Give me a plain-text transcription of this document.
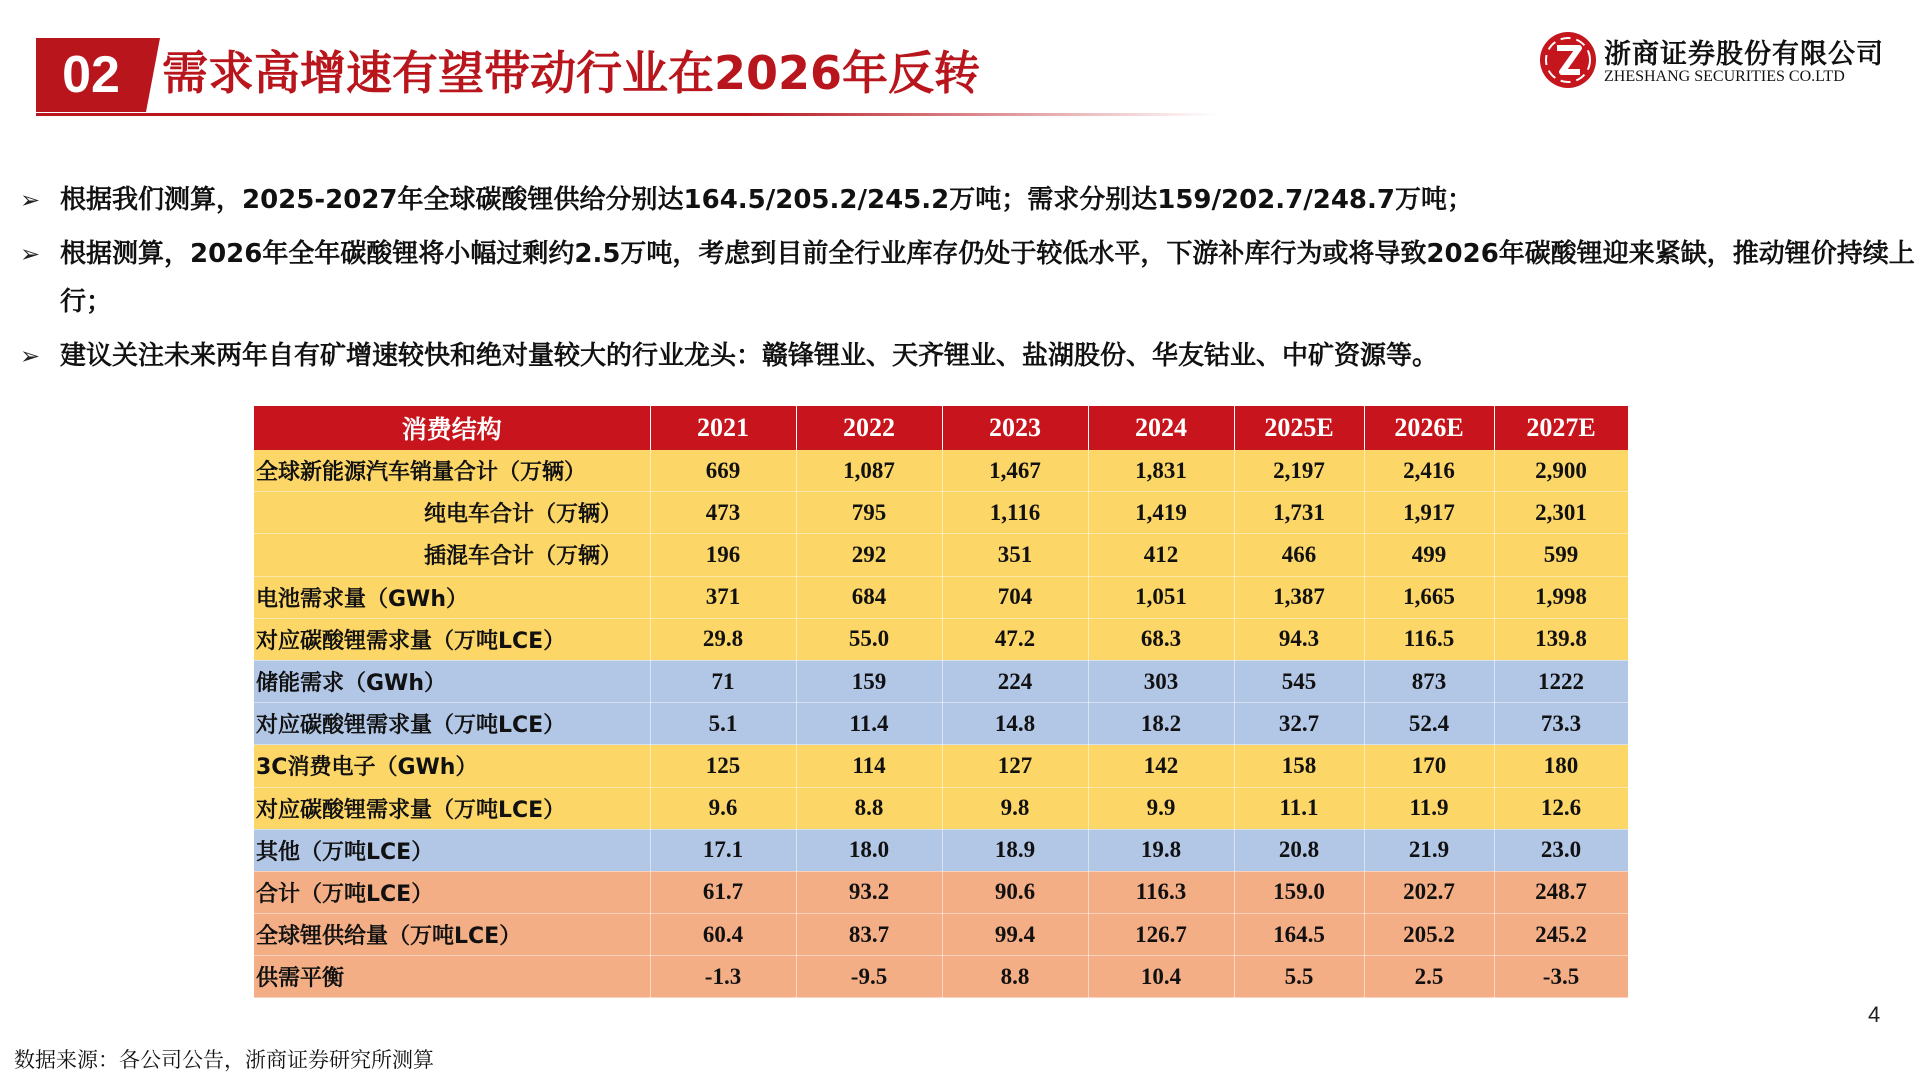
02 需求高增速有望带动行业在2026年反转	浙商证券股份有限公司
ZHESHANG SECURITIES CO.LTD
➢ 根据我们测算，2025-2027年全球碳酸锂供给分别达164.5/205.2/245.2万吨；需求分别达159/202.7/248.7万吨；
➢ 根据测算，2026年全年碳酸锂将小幅过剩约2.5万吨，考虑到目前全行业库存仍处于较低水平，下游补库行为或将导致2026年碳酸锂迎来紧缺，推动锂价持续上行；
➢ 建议关注未来两年自有矿增速较快和绝对量较大的行业龙头：赣锋锂业、天齐锂业、盐湖股份、华友钴业、中矿资源等。
消费结构	2021	2022	2023	2024	2025E	2026E	2027E
全球新能源汽车销量合计（万辆）	669	1,087	1,467	1,831	2,197	2,416	2,900
纯电车合计（万辆）	473	795	1,116	1,419	1,731	1,917	2,301
插混车合计（万辆）	196	292	351	412	466	499	599
电池需求量（GWh）	371	684	704	1,051	1,387	1,665	1,998
对应碳酸锂需求量（万吨LCE）	29.8	55.0	47.2	68.3	94.3	116.5	139.8
储能需求（GWh）	71	159	224	303	545	873	1222
对应碳酸锂需求量（万吨LCE）	5.1	11.4	14.8	18.2	32.7	52.4	73.3
3C消费电子（GWh）	125	114	127	142	158	170	180
对应碳酸锂需求量（万吨LCE）	9.6	8.8	9.8	9.9	11.1	11.9	12.6
其他（万吨LCE）	17.1	18.0	18.9	19.8	20.8	21.9	23.0
合计（万吨LCE）	61.7	93.2	90.6	116.3	159.0	202.7	248.7
全球锂供给量（万吨LCE）	60.4	83.7	99.4	126.7	164.5	205.2	245.2
供需平衡	-1.3	-9.5	8.8	10.4	5.5	2.5	-3.5
4
数据来源：各公司公告，浙商证券研究所测算
